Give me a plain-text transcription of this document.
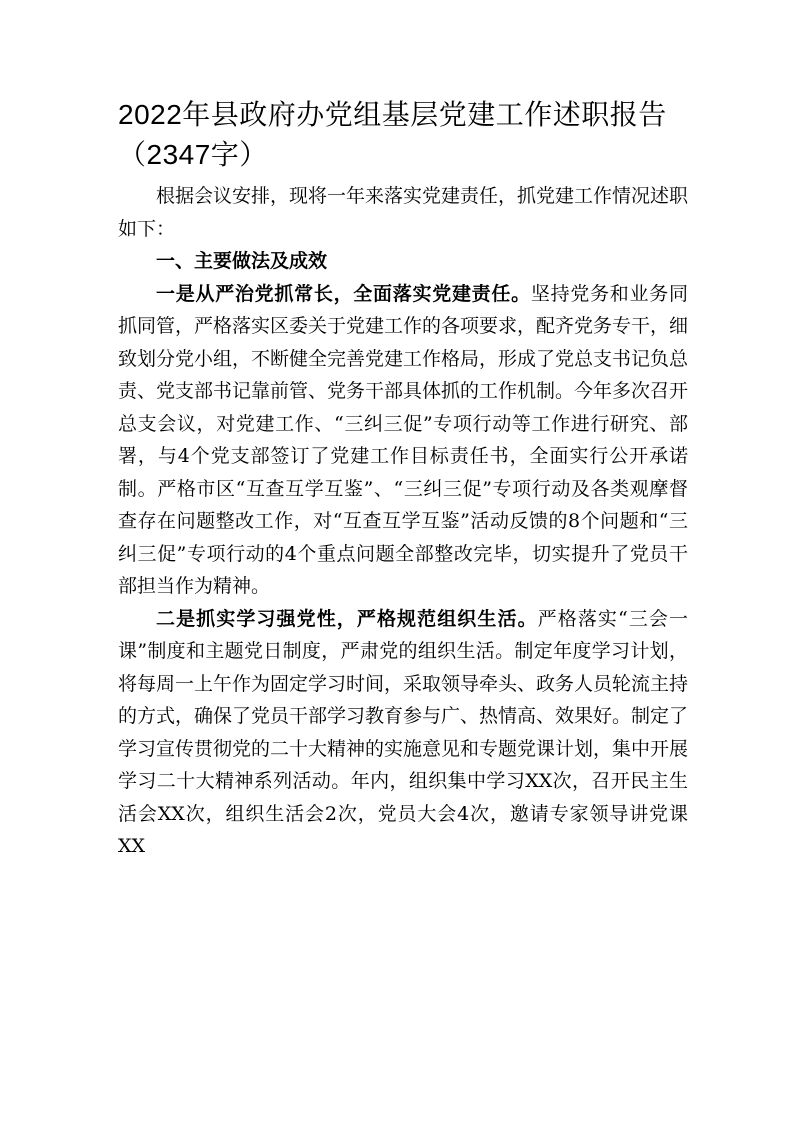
2022年县政府办党组基层党建工作述职报告（2347字）

根据会议安排，现将一年来落实党建责任，抓党建工作情况述职如下：

一、主要做法及成效

一是从严治党抓常长，全面落实党建责任。坚持党务和业务同抓同管，严格落实区委关于党建工作的各项要求，配齐党务专干，细致划分党小组，不断健全完善党建工作格局，形成了党总支书记负总责、党支部书记靠前管、党务干部具体抓的工作机制。今年多次召开总支会议，对党建工作、“三纠三促”专项行动等工作进行研究、部署，与4个党支部签订了党建工作目标责任书，全面实行公开承诺制。严格市区“互查互学互鉴”、“三纠三促”专项行动及各类观摩督查存在问题整改工作，对“互查互学互鉴”活动反馈的8个问题和“三纠三促”专项行动的4个重点问题全部整改完毕，切实提升了党员干部担当作为精神。

二是抓实学习强党性，严格规范组织生活。严格落实“三会一课”制度和主题党日制度，严肃党的组织生活。制定年度学习计划，将每周一上午作为固定学习时间，采取领导牵头、政务人员轮流主持的方式，确保了党员干部学习教育参与广、热情高、效果好。制定了学习宣传贯彻党的二十大精神的实施意见和专题党课计划，集中开展学习二十大精神系列活动。年内，组织集中学习XX次，召开民主生活会XX次，组织生活会2次，党员大会4次，邀请专家领导讲党课XX
